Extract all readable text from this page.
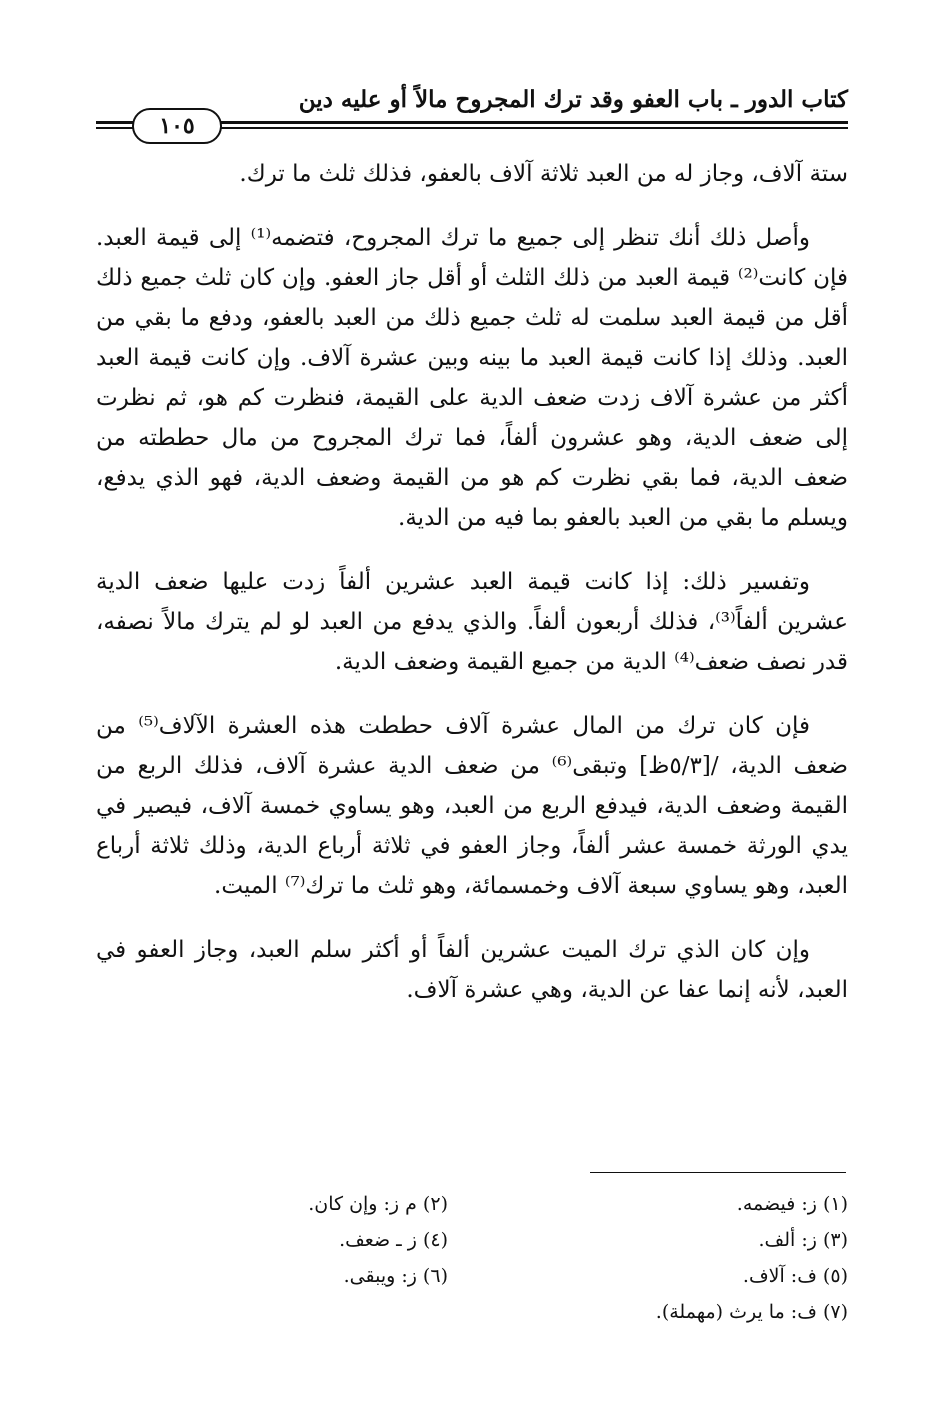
كتاب الدور ـ باب العفو وقد ترك المجروح مالاً أو عليه دين
١٠٥

ستة آلاف، وجاز له من العبد ثلاثة آلاف بالعفو، فذلك ثلث ما ترك.

وأصل ذلك أنك تنظر إلى جميع ما ترك المجروح، فتضمه⁽¹⁾ إلى قيمة العبد. فإن كانت⁽²⁾ قيمة العبد من ذلك الثلث أو أقل جاز العفو. وإن كان ثلث جميع ذلك أقل من قيمة العبد سلمت له ثلث جميع ذلك من العبد بالعفو، ودفع ما بقي من العبد. وذلك إذا كانت قيمة العبد ما بينه وبين عشرة آلاف. وإن كانت قيمة العبد أكثر من عشرة آلاف زدت ضعف الدية على القيمة، فنظرت كم هو، ثم نظرت إلى ضعف الدية، وهو عشرون ألفاً، فما ترك المجروح من مال حططته من ضعف الدية، فما بقي نظرت كم هو من القيمة وضعف الدية، فهو الذي يدفع، ويسلم ما بقي من العبد بالعفو بما فيه من الدية.

وتفسير ذلك: إذا كانت قيمة العبد عشرين ألفاً زدت عليها ضعف الدية عشرين ألفاً⁽³⁾، فذلك أربعون ألفاً. والذي يدفع من العبد لو لم يترك مالاً نصفه، قدر نصف ضعف⁽⁴⁾ الدية من جميع القيمة وضعف الدية.

فإن كان ترك من المال عشرة آلاف حططت هذه العشرة الآلاف⁽⁵⁾ من ضعف الدية، /[٥/٣ظ] وتبقى⁽⁶⁾ من ضعف الدية عشرة آلاف، فذلك الربع من القيمة وضعف الدية، فيدفع الربع من العبد، وهو يساوي خمسة آلاف، فيصير في يدي الورثة خمسة عشر ألفاً، وجاز العفو في ثلاثة أرباع الدية، وذلك ثلاثة أرباع العبد، وهو يساوي سبعة آلاف وخمسمائة، وهو ثلث ما ترك⁽⁷⁾ الميت.

وإن كان الذي ترك الميت عشرين ألفاً أو أكثر سلم العبد، وجاز العفو في العبد، لأنه إنما عفا عن الدية، وهي عشرة آلاف.

(١) ز: فيضمه.
(٣) ز: ألف.
(٥) ف: آلاف.
(٢) م ز: وإن كان.
(٤) ز ـ ضعف.
(٦) ز: ويبقى.
(٧) ف: ما يرث (مهملة).
